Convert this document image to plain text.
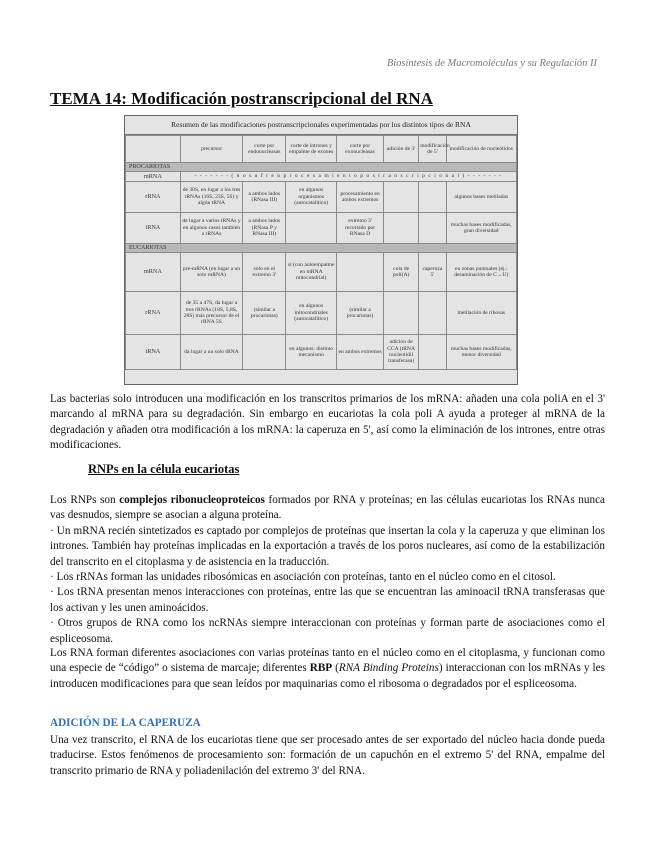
Biosíntesis de Macromoléculas y su Regulación II
TEMA 14: Modificación postranscripcional del RNA
Resumen de las modificaciones postranscripcionales experimentadas por los distintos tipos de RNA
	precursor	corte por endonucleasas	corte de intrones y empalme de exones	corte por exonucleasas	adición de 3'	modificación de 5'	modificación de nucleótidos
PROCARIOTAS							
mRNA	- - - - - - - ( n o s u f r e n p r o c e s a m i e n t o p o s t r a n s c r i p c i o n a l ) - - - - - - -						
rRNA	de 30S, en lugar a los tres rRNAs (16S, 23S, 5S) y algún tRNA	a ambos lados (RNasa III)	en algunos organismos (autocatalítico)	procesamiento en ambos extremos			algunos bases metiladas
tRNA	de lugar a varios tRNAs y en algunos casos también a rRNAs	a ambos lados (RNasa P y RNasa III)		extremo 3' recortado por RNasa D			muchas bases modificadas, gran diversidad
EUCARIOTAS							
mRNA	pre-mRNA (en lugar a un solo mRNA)	sólo en el extremo 3'	sí (con autoempalme en mRNA mitocondrial)		cola de poli(A)	caperuza 5'	en zonas puntuales (ej.: desaminación de C→U)
rRNA	de 35 a 47S, da lugar a tres rRNAs (18S, 5,8S, 28S) más precursor de el rRNA 5S	(similar a procariotas)	en algunos mitocondriales (autocatalítico)	(similar a procariotas)			metilación de ribosas
tRNA	da lugar a un solo tRNA		en algunos: distinto mecanismo	en ambos extremos	adición de CCA (tRNA nucleotidil transferasa)		muchas bases modificadas, menor diversidad

Las bacterias solo introducen una modificación en los transcritos primarios de los mRNA: añaden una cola poliA en el 3' marcando al mRNA para su degradación. Sin embargo en eucariotas la cola poli A ayuda a proteger al mRNA de la degradación y añaden otra modificación a los mRNA: la caperuza en 5', así como la eliminación de los intrones, entre otras modificaciones.

RNPs en la célula eucariotas
Los RNPs son complejos ribonucleoproteicos formados por RNA y proteínas; en las células eucariotas los RNAs nunca vas desnudos, siempre se asocian a alguna proteína.
· Un mRNA recién sintetizados es captado por complejos de proteínas que insertan la cola y la caperuza y que eliminan los intrones. También hay proteínas implicadas en la exportación a través de los poros nucleares, así como de la estabilización del transcrito en el citoplasma y de asistencia en la traducción.
· Los rRNAs forman las unidades ribosómicas en asociación con proteínas, tanto en el núcleo como en el citosol.
· Los tRNA presentan menos interacciones con proteínas, entre las que se encuentran las aminoacil tRNA transferasas que los activan y les unen aminoácidos.
· Otros grupos de RNA como los ncRNAs siempre interaccionan con proteínas y forman parte de asociaciones como el espliceosoma.

Los RNA forman diferentes asociaciones con varias proteínas tanto en el núcleo como en el citoplasma, y funcionan como una especie de “código” o sistema de marcaje; diferentes RBP (RNA Binding Proteins) interaccionan con los mRNAs y les introducen modificaciones para que sean leídos por maquinarias como el ribosoma o degradados por el espliceosoma.

ADICIÓN DE LA CAPERUZA

Una vez transcrito, el RNA de los eucariotas tiene que ser procesado antes de ser exportado del núcleo hacia donde pueda traducirse. Estos fenómenos de procesamiento son: formación de un capuchón en el extremo 5' del RNA, empalme del transcrito primario de RNA y poliadenilación del extremo 3' del RNA.
